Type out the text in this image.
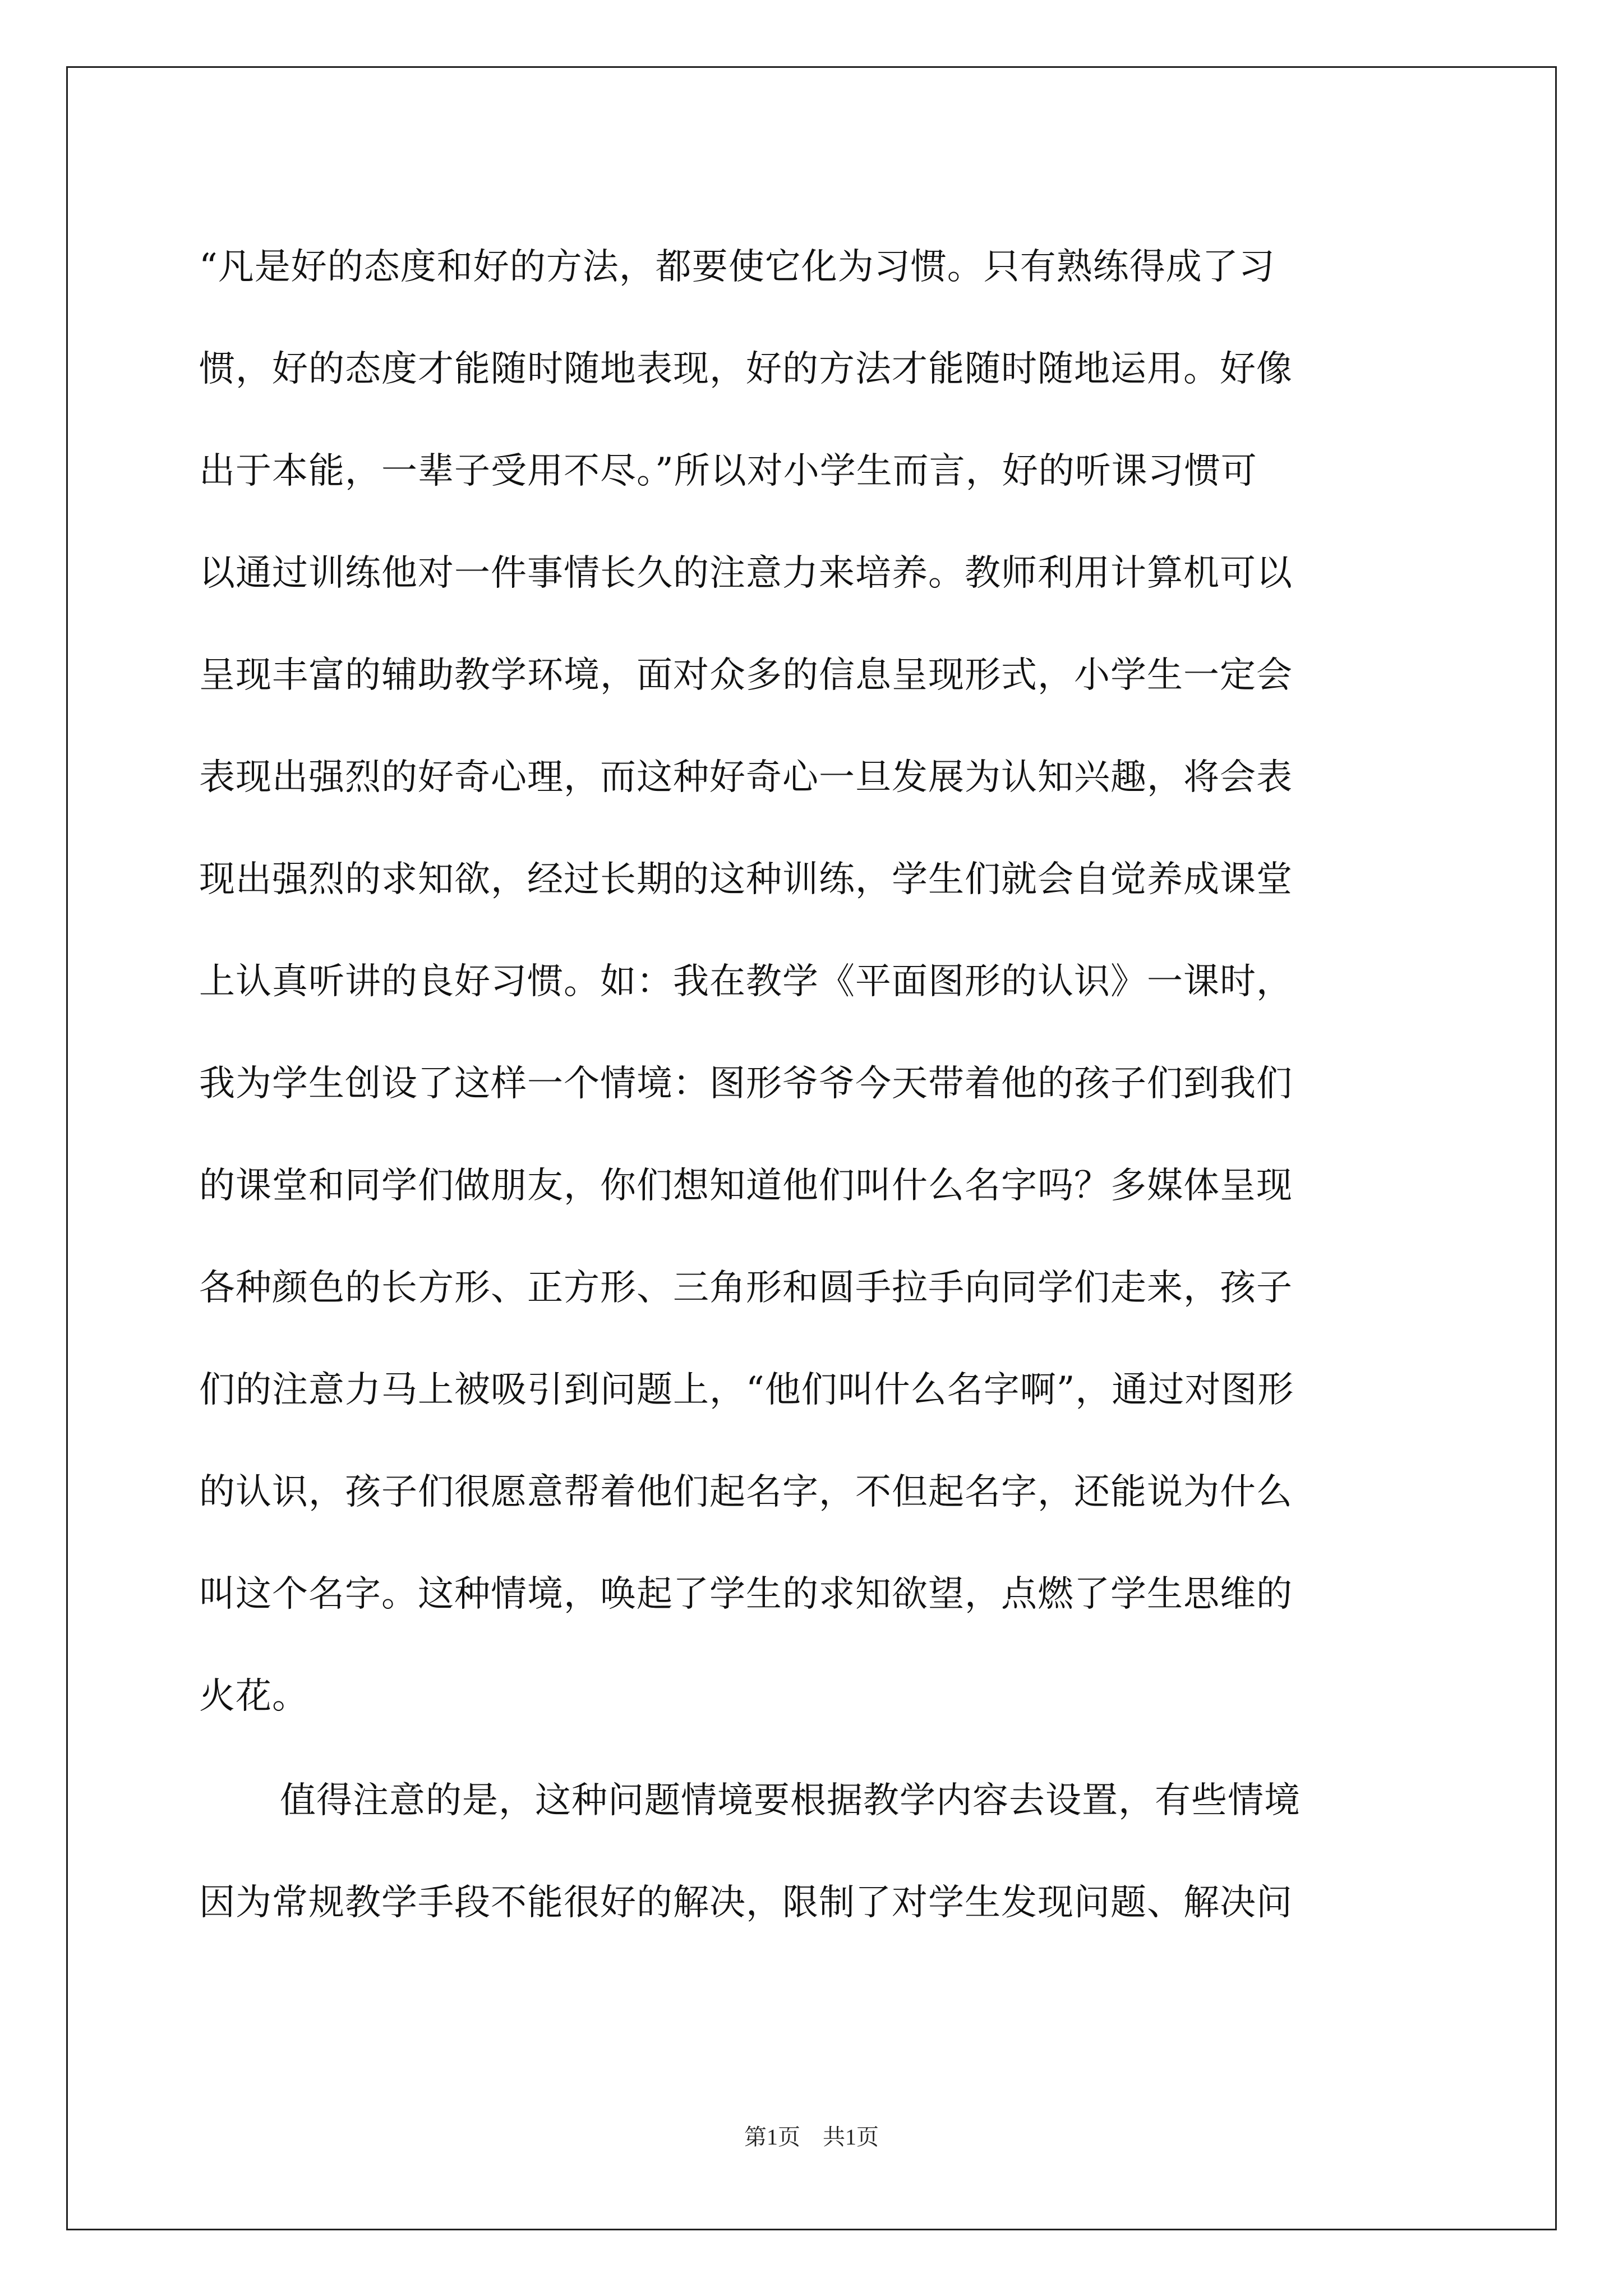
“凡是好的态度和好的方法，都要使它化为习惯。只有熟练得成了习
惯，好的态度才能随时随地表现，好的方法才能随时随地运用。好像
出于本能，一辈子受用不尽。”所以对小学生而言，好的听课习惯可
以通过训练他对一件事情长久的注意力来培养。教师利用计算机可以
呈现丰富的辅助教学环境，面对众多的信息呈现形式，小学生一定会
表现出强烈的好奇心理，而这种好奇心一旦发展为认知兴趣，将会表
现出强烈的求知欲，经过长期的这种训练，学生们就会自觉养成课堂
上认真听讲的良好习惯。如：我在教学《平面图形的认识》一课时，
我为学生创设了这样一个情境：图形爷爷今天带着他的孩子们到我们
的课堂和同学们做朋友，你们想知道他们叫什么名字吗？多媒体呈现
各种颜色的长方形、正方形、三角形和圆手拉手向同学们走来，孩子
们的注意力马上被吸引到问题上，“他们叫什么名字啊”，通过对图形
的认识，孩子们很愿意帮着他们起名字，不但起名字，还能说为什么
叫这个名字。这种情境，唤起了学生的求知欲望，点燃了学生思维的
火花。
值得注意的是，这种问题情境要根据教学内容去设置，有些情境
因为常规教学手段不能很好的解决，限制了对学生发现问题、解决问
第1页 共1页
